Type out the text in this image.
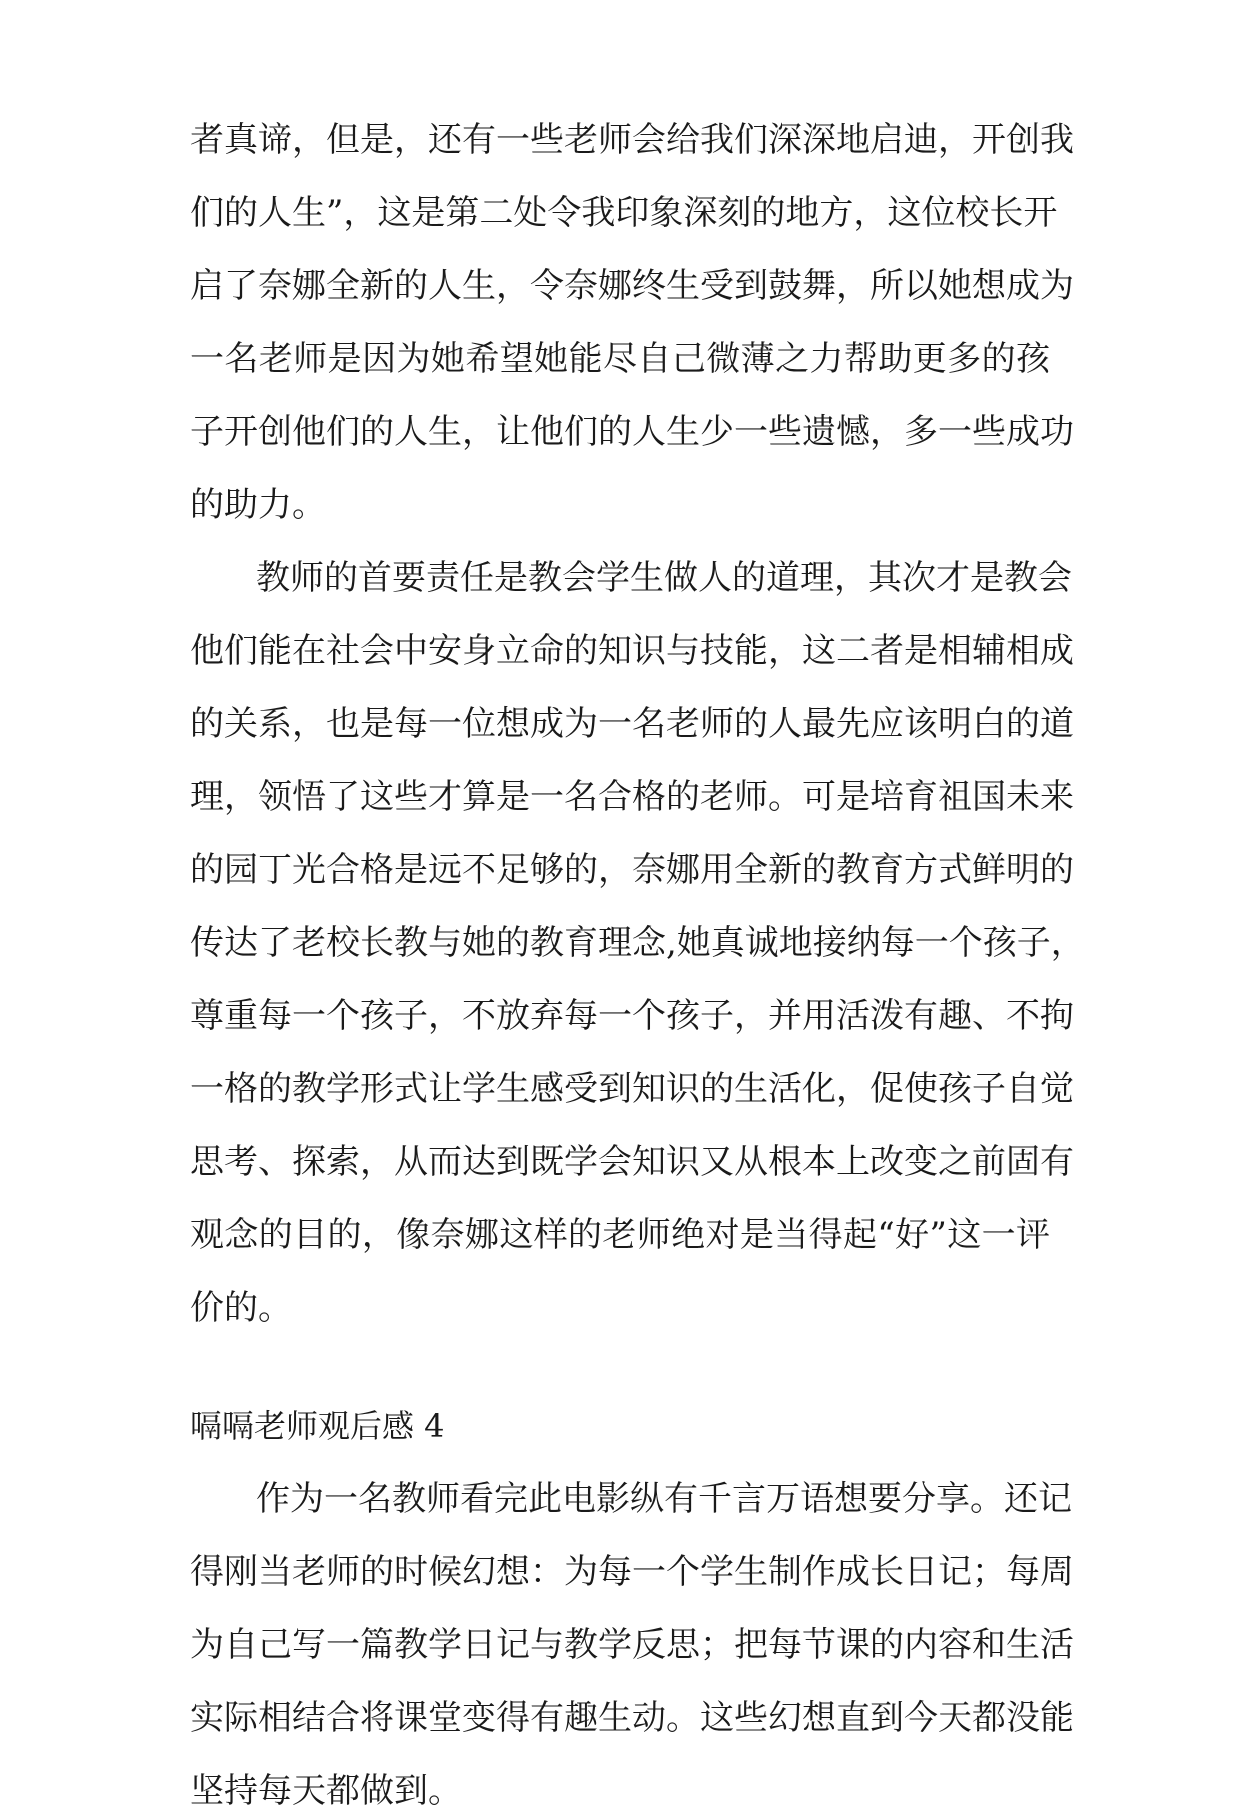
者真谛，但是，还有一些老师会给我们深深地启迪，开创我
们的人生”，这是第二处令我印象深刻的地方，这位校长开
启了奈娜全新的人生，令奈娜终生受到鼓舞，所以她想成为
一名老师是因为她希望她能尽自己微薄之力帮助更多的孩
子开创他们的人生，让他们的人生少一些遗憾，多一些成功
的助力。
教师的首要责任是教会学生做人的道理，其次才是教会
他们能在社会中安身立命的知识与技能，这二者是相辅相成
的关系，也是每一位想成为一名老师的人最先应该明白的道
理，领悟了这些才算是一名合格的老师。可是培育祖国未来
的园丁光合格是远不足够的，奈娜用全新的教育方式鲜明的
传达了老校长教与她的教育理念,她真诚地接纳每一个孩子，
尊重每一个孩子，不放弃每一个孩子，并用活泼有趣、不拘
一格的教学形式让学生感受到知识的生活化，促使孩子自觉
思考、探索，从而达到既学会知识又从根本上改变之前固有
观念的目的，像奈娜这样的老师绝对是当得起“好”这一评
价的。
嗝嗝老师观后感 4
作为一名教师看完此电影纵有千言万语想要分享。还记
得刚当老师的时候幻想：为每一个学生制作成长日记；每周
为自己写一篇教学日记与教学反思；把每节课的内容和生活
实际相结合将课堂变得有趣生动。这些幻想直到今天都没能
坚持每天都做到。
